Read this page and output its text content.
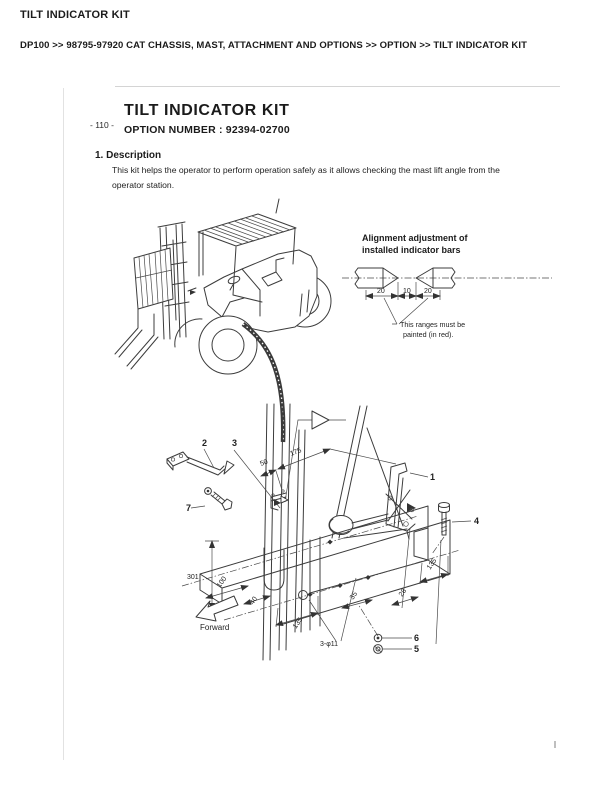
TILT INDICATOR KIT
DP100 >> 98795-97920 CAT CHASSIS, MAST, ATTACHMENT AND OPTIONS >> OPTION >> TILT INDICATOR KIT
- 110 -
TILT INDICATOR KIT
OPTION NUMBER : 92394-02700
1. Description

This kit helps the operator to perform operation safely as it allows checking the mast lift angle from the
operator station.

Alignment adjustment of
installed indicator bars
20	10 20
This ranges must be
painted (in red).
1
4
2	3
7
50
175
301 100
40
135
35	28
135
3-φ11
6
5
Forward
